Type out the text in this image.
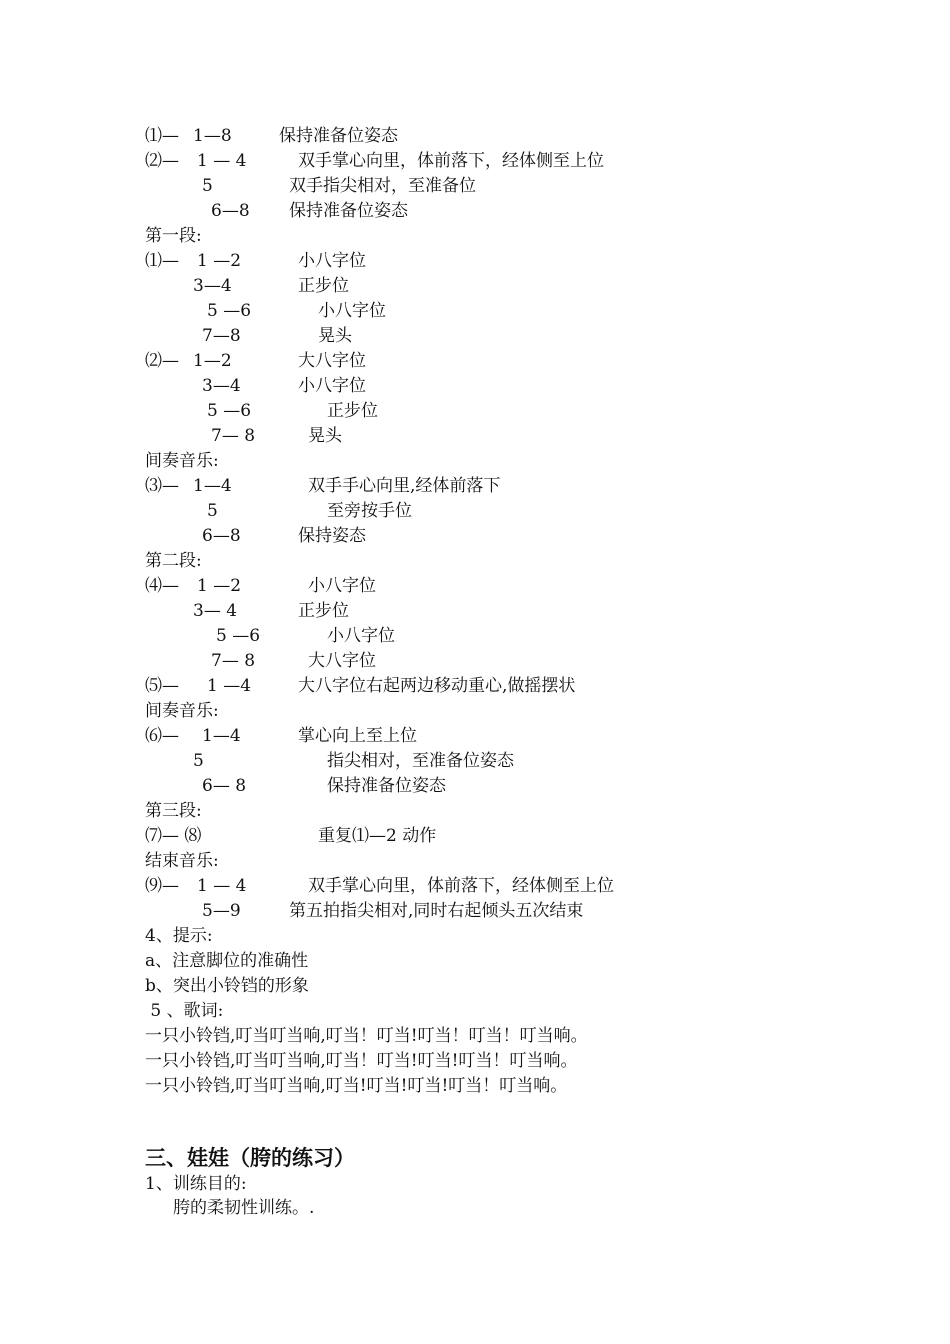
⑴— 1—8	保持准备位姿态
⑵— 1 — 4	双手掌心向里，体前落下，经体侧至上位
5	双手指尖相对，至准备位
6—8 保持准备位姿态
第一段:
⑴— 1 —2	小八字位
3—4	正步位
5 —6	小八字位
7—8	晃头
⑵— 1—2	大八字位
3—4	小八字位
5 —6	正步位
7— 8	晃头
间奏音乐:
⑶— 1—4	双手手心向里,经体前落下
5	至旁按手位
6—8	保持姿态
第二段:
⑷— 1 —2	小八字位
3— 4	正步位
5 —6	小八字位
7— 8	大八字位
⑸— 1 —4	大八字位右起两边移动重心,做摇摆状
间奏音乐:
⑹— 1—4	掌心向上至上位
5	指尖相对，至准备位姿态
6— 8	保持准备位姿态
第三段:
⑺— ⑻	重复⑴—2 动作
结束音乐:
⑼— 1 — 4	双手掌心向里，体前落下，经体侧至上位
5—9	第五拍指尖相对,同时右起倾头五次结束
4、提示:
a、注意脚位的准确性
b、突出小铃铛的形象
5 、歌词:
一只小铃铛,叮当叮当响,叮当！叮当!叮当！叮当！叮当响。
一只小铃铛,叮当叮当响,叮当！叮当!叮当!叮当！叮当响。
一只小铃铛,叮当叮当响,叮当!叮当!叮当!叮当！叮当响。
三、娃娃（胯的练习）
1、训练目的:
胯的柔韧性训练。.
